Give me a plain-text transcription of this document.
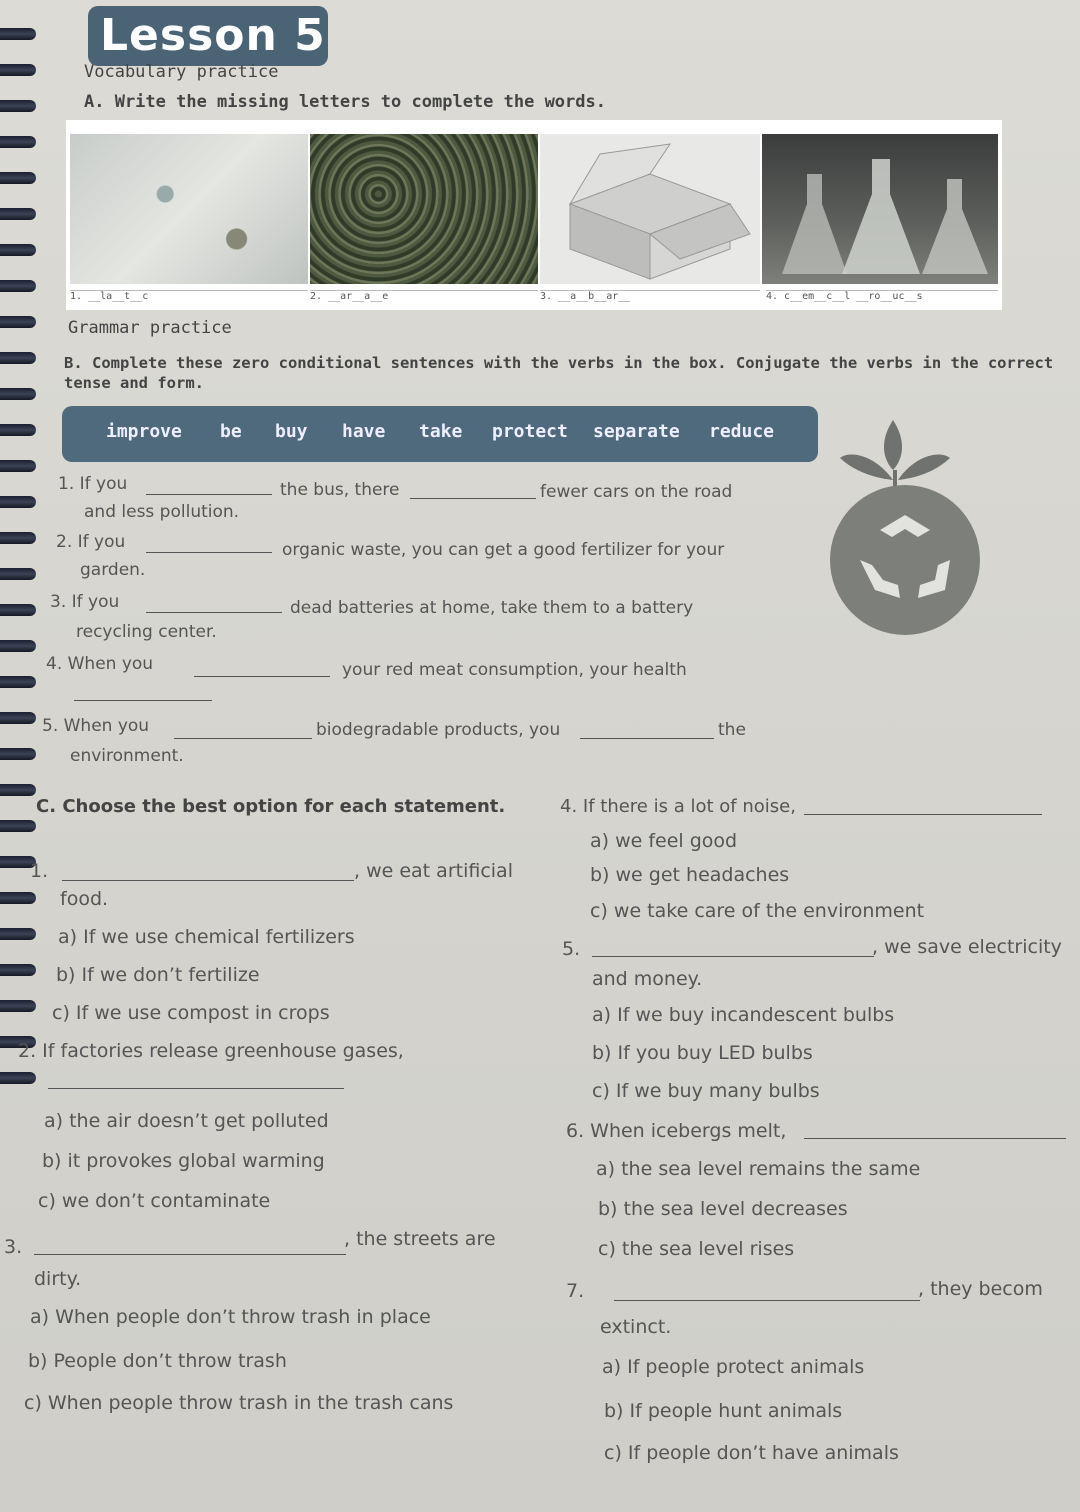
Lesson 5
Vocabulary practice
A. Write the missing letters to complete the words.
1. __la__t__c	2. __ar__a__e	3. __a__b__ar__	4. c__em__c__l __ro__uc__s
Grammar practice
B. Complete these zero conditional sentences with the verbs in the box. Conjugate the verbs in the correct
tense and form.
improve be buy have take protect separate reduce
1. If you	the bus, there	fewer cars on the road
and less pollution.
2. If you	organic waste, you can get a good fertilizer for your
garden.
3. If you	dead batteries at home, take them to a battery
recycling center.
4. When you	your red meat consumption, your health
5. When you	biodegradable products, you	the
environment.
C. Choose the best option for each statement.
1.	, we eat artificial
food.
a) If we use chemical fertilizers
b) If we don’t fertilize
c) If we use compost in crops
2. If factories release greenhouse gases,
a) the air doesn’t get polluted
b) it provokes global warming
c) we don’t contaminate
3.	, the streets are
dirty.
a) When people don’t throw trash in place
b) People don’t throw trash
c) When people throw trash in the trash cans
4. If there is a lot of noise,
a) we feel good
b) we get headaches
c) we take care of the environment
5.	, we save electricity
and money.
a) If we buy incandescent bulbs
b) If you buy LED bulbs
c) If we buy many bulbs
6. When icebergs melt,
a) the sea level remains the same
b) the sea level decreases
c) the sea level rises
7.	, they becom
extinct.
a) If people protect animals
b) If people hunt animals
c) If people don’t have animals
